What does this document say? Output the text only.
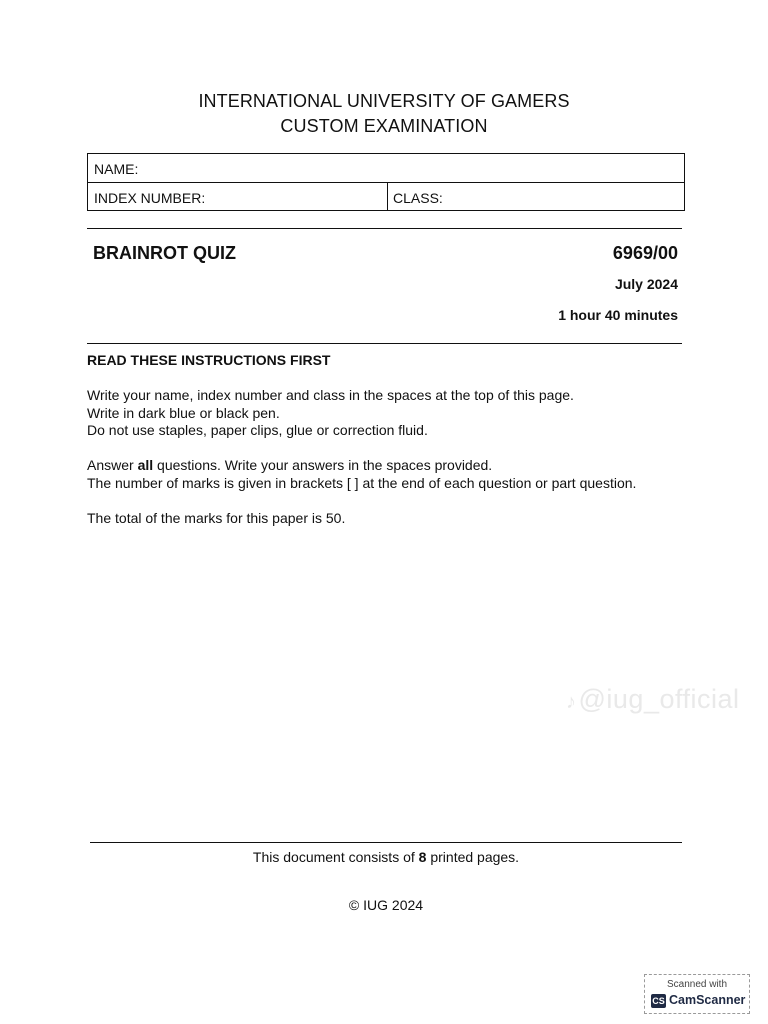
INTERNATIONAL UNIVERSITY OF GAMERS
CUSTOM EXAMINATION
NAME:
INDEX NUMBER:	CLASS:
BRAINROT QUIZ	6969/00
July 2024
1 hour 40 minutes
READ THESE INSTRUCTIONS FIRST

Write your name, index number and class in the spaces at the top of this page.

Write in dark blue or black pen.

Do not use staples, paper clips, glue or correction fluid.

Answer all questions. Write your answers in the spaces provided.

The number of marks is given in brackets [ ] at the end of each question or part question.

The total of the marks for this paper is 50.

♪@iug_official
This document consists of 8 printed pages.
© IUG 2024
Scanned with
CS CamScanner
